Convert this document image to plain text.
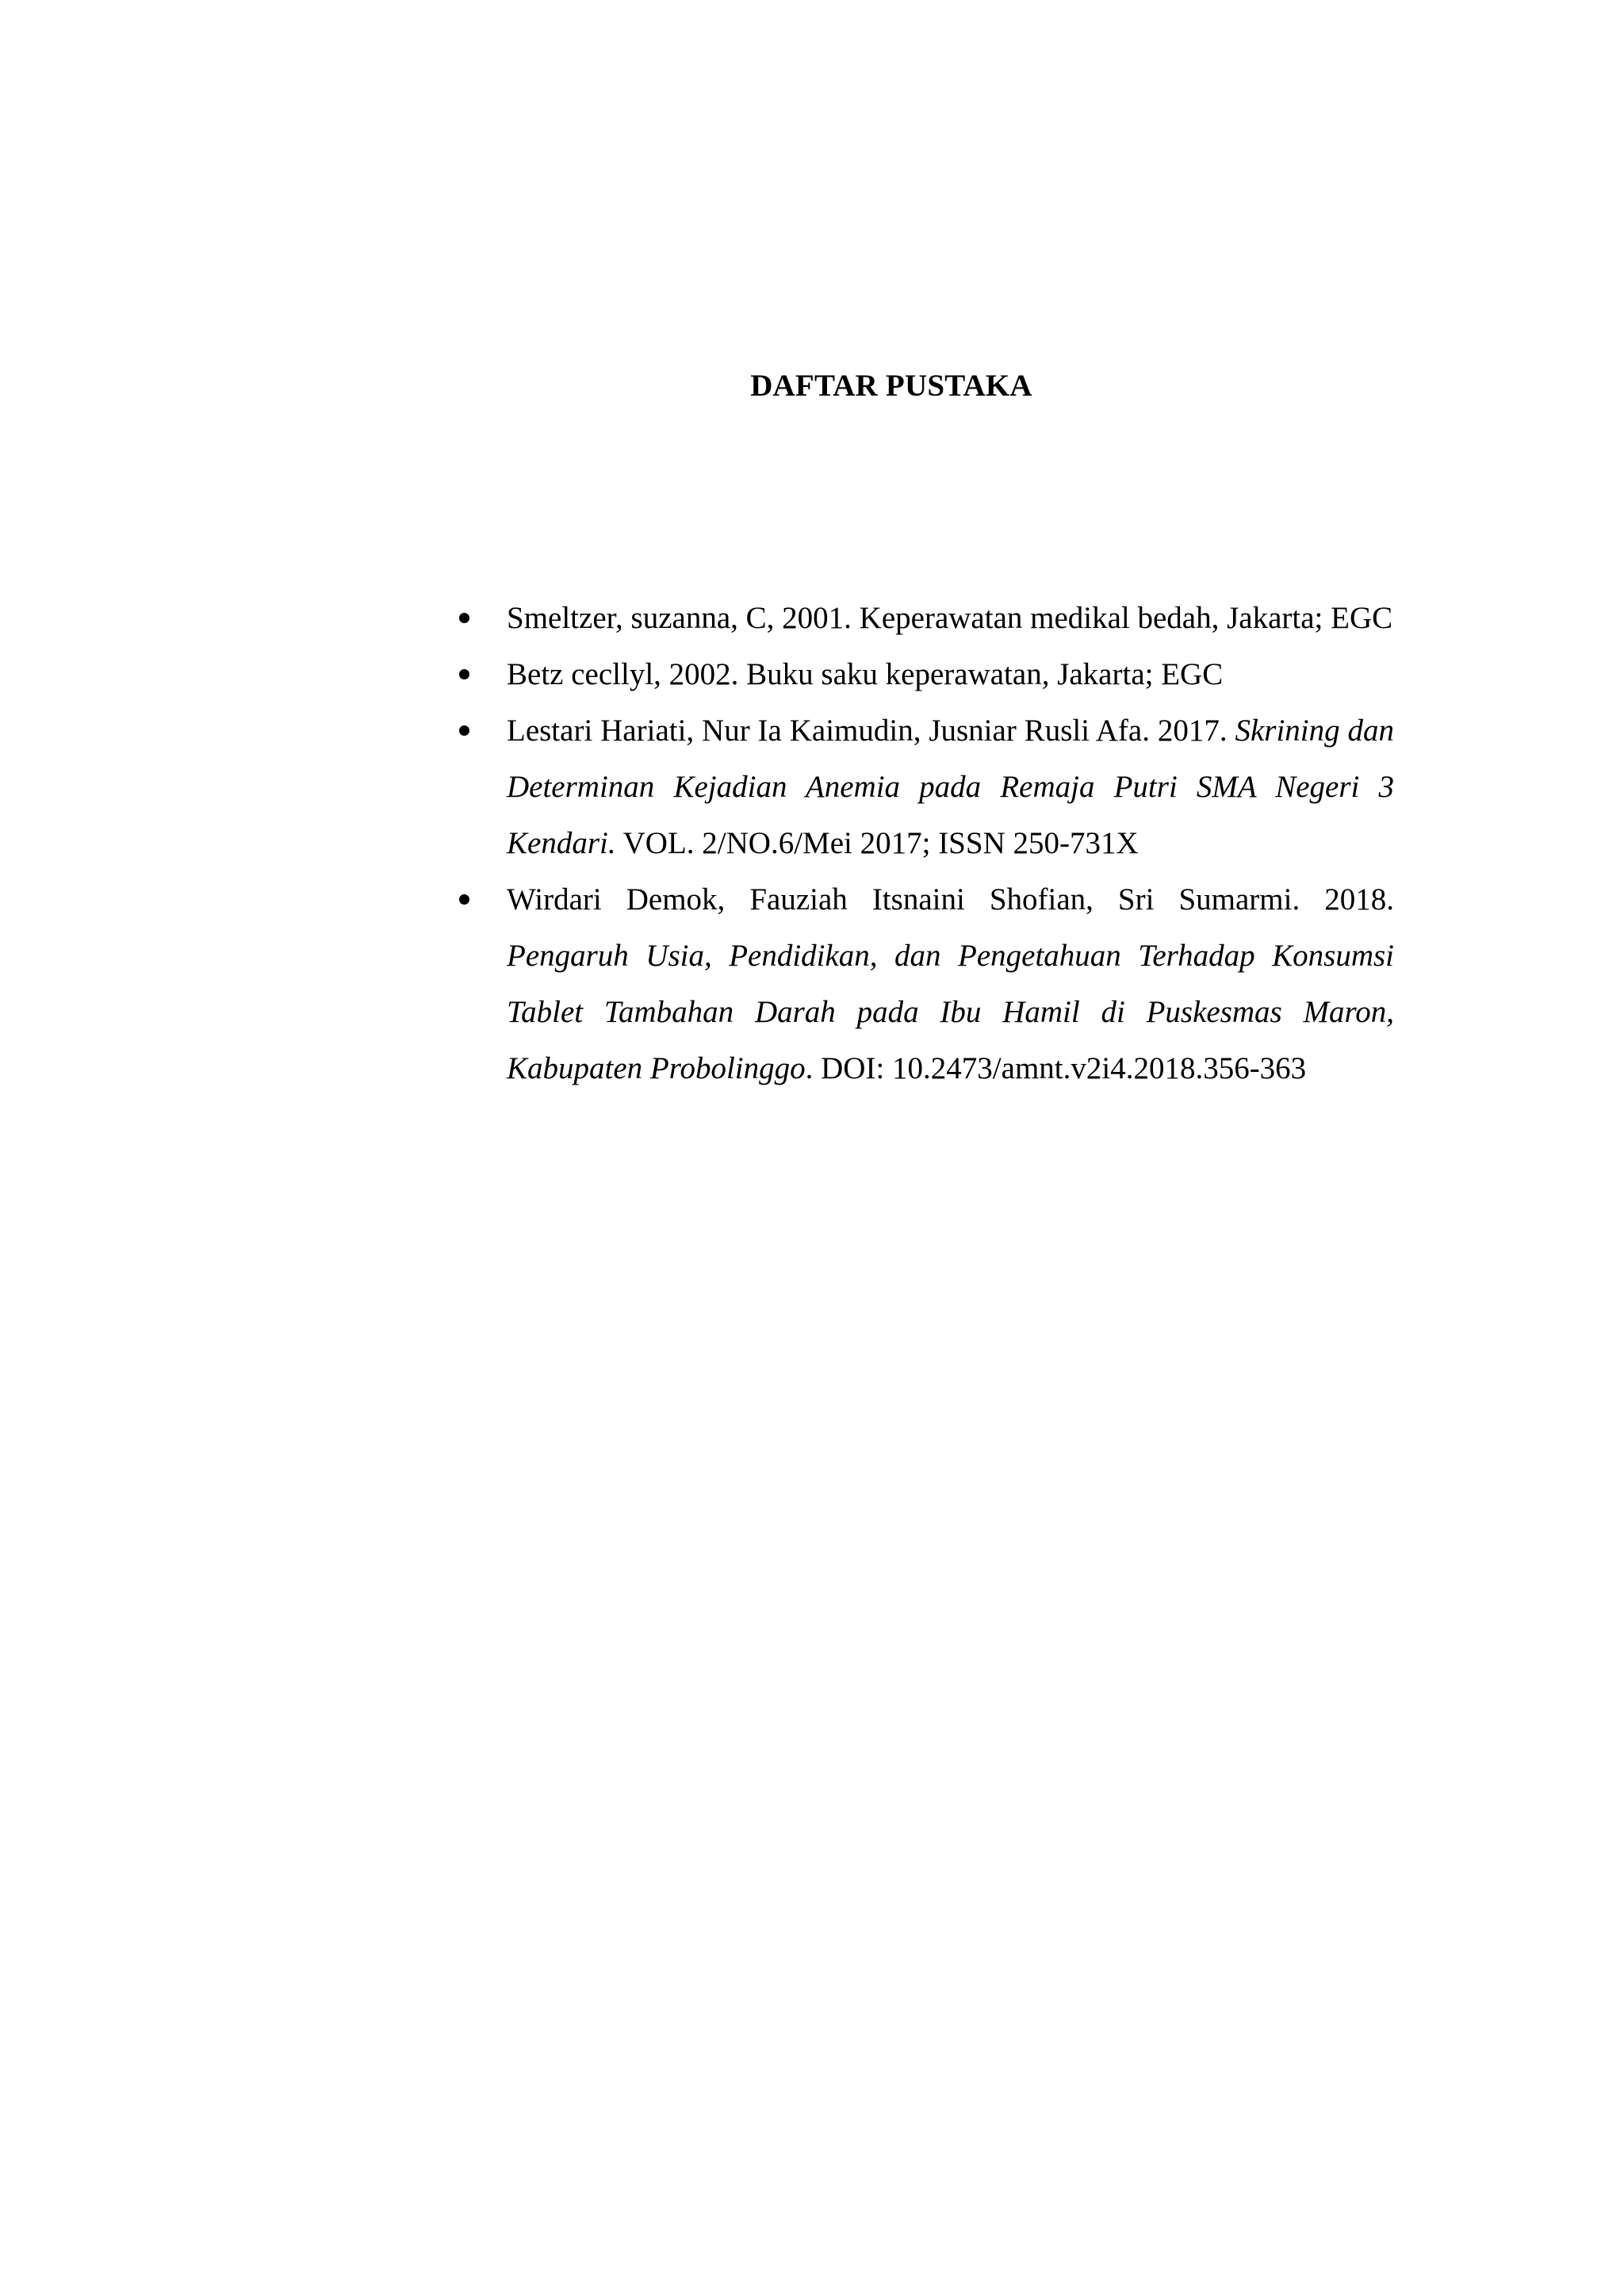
DAFTAR PUSTAKA
Smeltzer, suzanna, C, 2001. Keperawatan medikal bedah, Jakarta; EGC
Betz cecllyl, 2002. Buku saku keperawatan, Jakarta; EGC
Lestari Hariati, Nur Ia Kaimudin, Jusniar Rusli Afa. 2017. Skrining dan Determinan Kejadian Anemia pada Remaja Putri SMA Negeri 3 Kendari. VOL. 2/NO.6/Mei 2017; ISSN 250-731X
Wirdari Demok, Fauziah Itsnaini Shofian, Sri Sumarmi. 2018. Pengaruh Usia, Pendidikan, dan Pengetahuan Terhadap Konsumsi Tablet Tambahan Darah pada Ibu Hamil di Puskesmas Maron, Kabupaten Probolinggo. DOI: 10.2473/amnt.v2i4.2018.356-363
